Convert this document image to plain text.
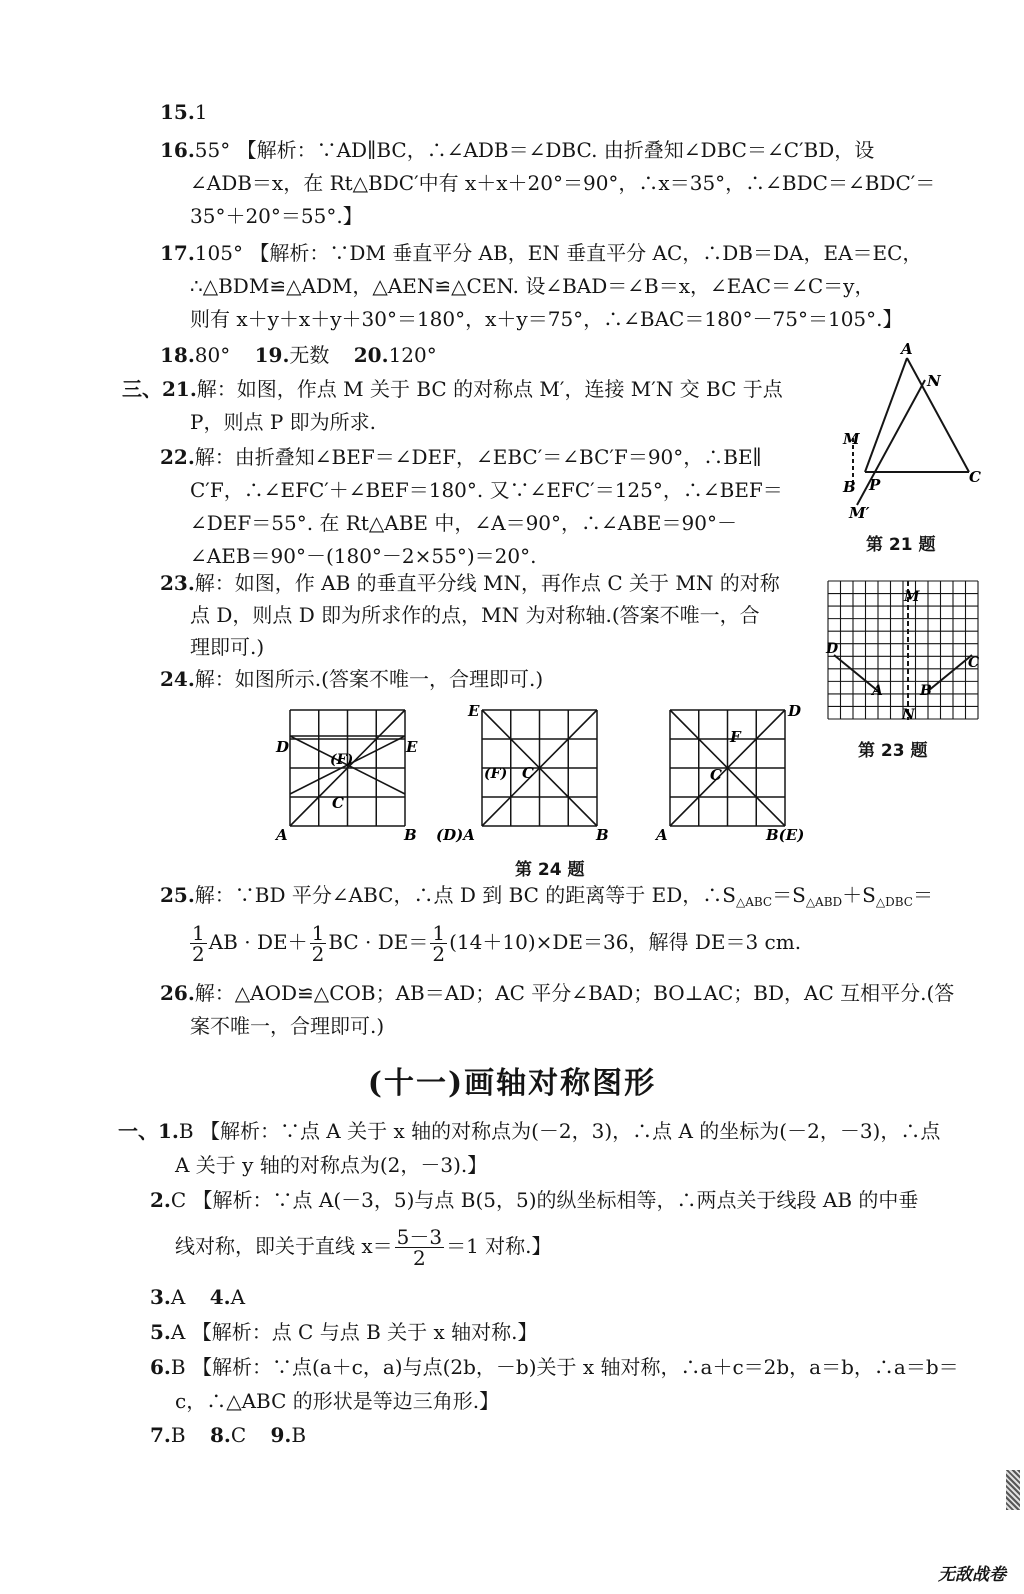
15.1
16.55° 【解析：∵AD∥BC，∴∠ADB＝∠DBC. 由折叠知∠DBC＝∠C′BD，设
∠ADB＝x，在 Rt△BDC′中有 x＋x＋20°＝90°，∴x＝35°，∴∠BDC＝∠BDC′＝
35°＋20°＝55°.】
17.105° 【解析：∵DM 垂直平分 AB，EN 垂直平分 AC，∴DB＝DA，EA＝EC，
∴△BDM≌△ADM，△AEN≌△CEN. 设∠BAD＝∠B＝x，∠EAC＝∠C＝y，
则有 x＋y＋x＋y＋30°＝180°，x＋y＝75°，∴∠BAC＝180°－75°＝105°.】
18.80° 19.无数 20.120°
三、21.解：如图，作点 M 关于 BC 的对称点 M′，连接 M′N 交 BC 于点
P，则点 P 即为所求.
22.解：由折叠知∠BEF＝∠DEF，∠EBC′＝∠BC′F＝90°，∴BE∥
C′F，∴∠EFC′＋∠BEF＝180°. 又∵∠EFC′＝125°，∴∠BEF＝
∠DEF＝55°. 在 Rt△ABE 中，∠A＝90°，∴∠ABE＝90°－
∠AEB＝90°－(180°－2×55°)＝20°.
23.解：如图，作 AB 的垂直平分线 MN，再作点 C 关于 MN 的对称
点 D，则点 D 即为所求作的点，MN 为对称轴.(答案不唯一，合
理即可.)
24.解：如图所示.(答案不唯一，合理即可.)
A
N
M
C
B P
M′
第 21 题
M
N
D
C
A	B
第 23 题
D	E
(F)
C
A	B
E
(F) C
(D)A	B
D
F
C
A	B(E)
第 24 题
25.解：∵BD 平分∠ABC，∴点 D 到 BC 的距离等于 ED，$\therefore S_{\triangle ABC}=S_{\triangle ABD}+S_{\triangle DBC}=$
$\frac{1}{2}$ AB · $DE+ \frac{1}{2}$ BC · $DE= \frac{1}{2} (14+10)\times DE=36$，解得 DE＝3 cm.
26.解：△AOD≌△COB；AB＝AD；AC 平分∠BAD；BO⊥AC；BD，AC 互相平分.(答
案不唯一，合理即可.)
(十一)画轴对称图形
一、1.B 【解析：∵点 A 关于 x 轴的对称点为(－2，3)，∴点 A 的坐标为(－2，－3)，∴点
A 关于 y 轴的对称点为(2，－3).】
2.C 【解析：∵点 A(－3，5)与点 B(5，5)的纵坐标相等，∴两点关于线段 AB 的中垂
线对称，即关于直线 $x= \frac{5-3}{2} =1$ 对称.】
3.A 4.A
5.A 【解析：点 C 与点 B 关于 x 轴对称.】
6.B 【解析：∵点(a＋c，a)与点(2b，－b)关于 x 轴对称，∴a＋c＝2b，a＝b，∴a＝b＝
c，∴△ABC 的形状是等边三角形.】
7.B 8.C 9.B
无敌战卷
